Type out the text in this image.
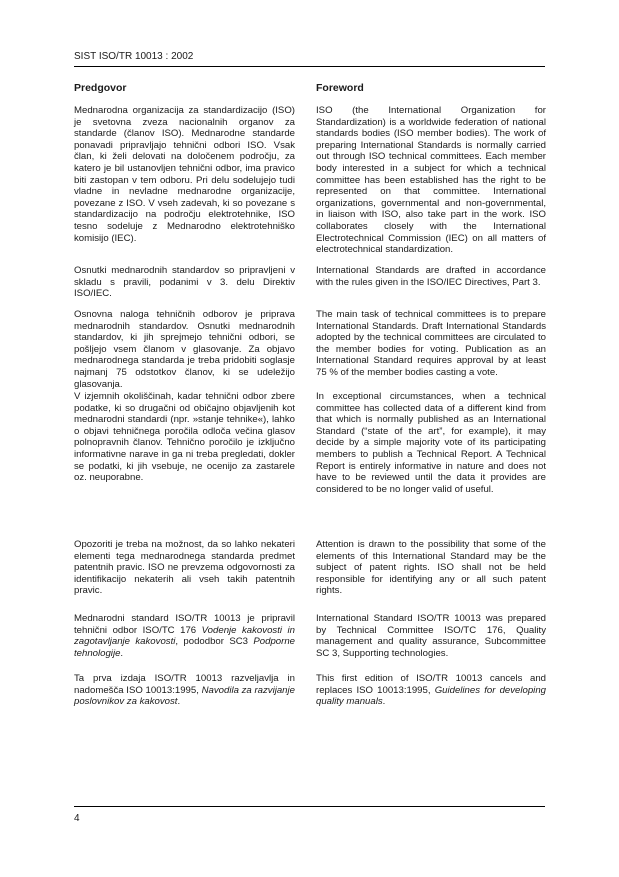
SIST ISO/TR 10013 : 2002
Predgovor

Mednarodna organizacija za standardizacijo (ISO) je svetovna zveza nacionalnih organov za standarde (članov ISO). Mednarodne standarde ponavadi pripravljajo tehnični odbori ISO. Vsak član, ki želi delovati na določenem področju, za katero je bil ustanovljen tehnični odbor, ima pravico biti zastopan v tem odboru. Pri delu sodelujejo tudi vladne in nevladne mednarodne organizacije, povezane z ISO. V vseh zadevah, ki so povezane s standardizacijo na področju elektrotehnike, ISO tesno sodeluje z Mednarodno elektrotehniško komisijo (IEC).

Osnutki mednarodnih standardov so pripravljeni v skladu s pravili, podanimi v 3. delu Direktiv ISO/IEC.

Osnovna naloga tehničnih odborov je priprava mednarodnih standardov. Osnutki mednarodnih standardov, ki jih sprejmejo tehnični odbori, se pošljejo vsem članom v glasovanje. Za objavo mednarodnega standarda je treba pridobiti soglasje najmanj 75 odstotkov članov, ki se udeležijo glasovanja.

V izjemnih okoliščinah, kadar tehnični odbor zbere podatke, ki so drugačni od običajno objavljenih kot mednarodni standardi (npr. »stanje tehnike«), lahko o objavi tehničnega poročila odloča večina glasov polnopravnih članov. Tehnično poročilo je izključno informativne narave in ga ni treba pregledati, dokler se podatki, ki jih vsebuje, ne ocenijo za zastarele oz. neuporabne.

Opozoriti je treba na možnost, da so lahko nekateri elementi tega mednarodnega standarda predmet patentnih pravic. ISO ne prevzema odgovornosti za identifikacijo nekaterih ali vseh takih patentnih pravic.

Mednarodni standard ISO/TR 10013 je pripravil tehnični odbor ISO/TC 176 Vodenje kakovosti in zagotavljanje kakovosti, pododbor SC3 Podporne tehnologije.

Ta prva izdaja ISO/TR 10013 razveljavlja in nadomešča ISO 10013:1995, Navodila za razvijanje poslovnikov za kakovost.

Foreword

ISO (the International Organization for Standardization) is a worldwide federation of national standards bodies (ISO member bodies). The work of preparing International Standards is normally carried out through ISO technical committees. Each member body interested in a subject for which a technical committee has been established has the right to be represented on that committee. International organizations, governmental and non-governmental, in liaison with ISO, also take part in the work. ISO collaborates closely with the International Electrotechnical Commission (IEC) on all matters of electrotechnical standardization.

International Standards are drafted in accordance with the rules given in the ISO/IEC Directives, Part 3.

The main task of technical committees is to prepare International Standards. Draft International Standards adopted by the technical committees are circulated to the member bodies for voting. Publication as an International Standard requires approval by at least 75 % of the member bodies casting a vote.

In exceptional circumstances, when a technical committee has collected data of a different kind from that which is normally published as an International Standard (“state of the art”, for example), it may decide by a simple majority vote of its participating members to publish a Technical Report. A Technical Report is entirely informative in nature and does not have to be reviewed until the data it provides are considered to be no longer valid of useful.

Attention is drawn to the possibility that some of the elements of this International Standard may be the subject of patent rights. ISO shall not be held responsible for identifying any or all such patent rights.

International Standard ISO/TR 10013 was prepared by Technical Committee ISO/TC 176, Quality management and quality assurance, Subcommittee SC 3, Supporting technologies.

This first edition of ISO/TR 10013 cancels and replaces ISO 10013:1995, Guidelines for developing quality manuals.

4
